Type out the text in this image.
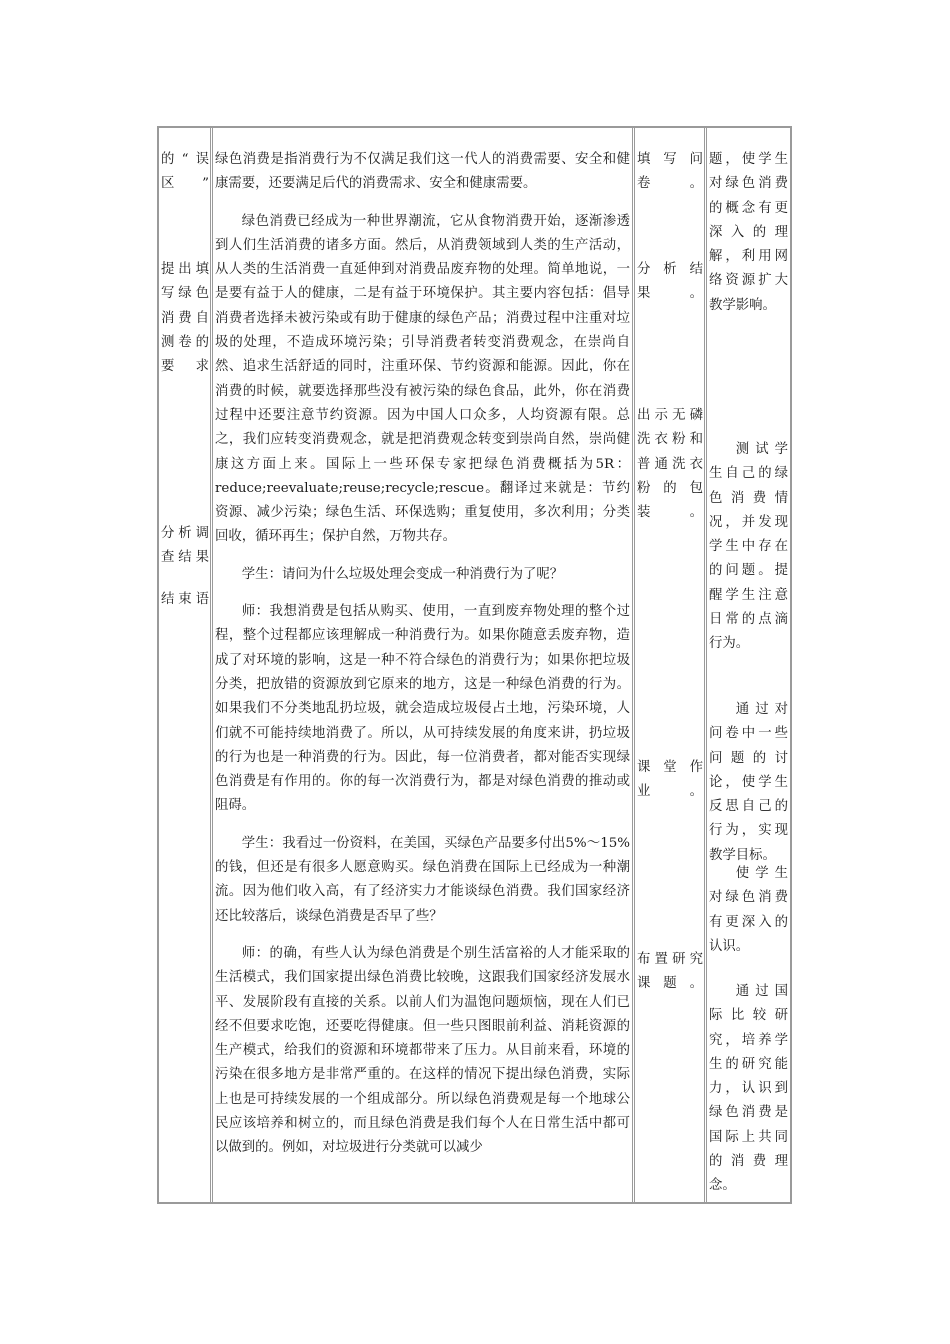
的“误区”
提出填写绿色消费自测卷的要求
分析调查结果
结束语

绿色消费是指消费行为不仅满足我们这一代人的消费需要、安全和健康需要，还要满足后代的消费需求、安全和健康需要。

绿色消费已经成为一种世界潮流，它从食物消费开始，逐渐渗透到人们生活消费的诸多方面。然后，从消费领域到人类的生产活动，从人类的生活消费一直延伸到对消费品废弃物的处理。简单地说，一是要有益于人的健康，二是有益于环境保护。其主要内容包括：倡导消费者选择未被污染或有助于健康的绿色产品；消费过程中注重对垃圾的处理，不造成环境污染；引导消费者转变消费观念，在崇尚自然、追求生活舒适的同时，注重环保、节约资源和能源。因此，你在消费的时候，就要选择那些没有被污染的绿色食品，此外，你在消费过程中还要注意节约资源。因为中国人口众多，人均资源有限。总之，我们应转变消费观念，就是把消费观念转变到崇尚自然，崇尚健康这方面上来。国际上一些环保专家把绿色消费概括为5R：reduce;reevaluate;reuse;recycle;rescue。翻译过来就是：节约资源、减少污染；绿色生活、环保选购；重复使用，多次利用；分类回收，循环再生；保护自然，万物共存。

学生：请问为什么垃圾处理会变成一种消费行为了呢？

师：我想消费是包括从购买、使用，一直到废弃物处理的整个过程，整个过程都应该理解成一种消费行为。如果你随意丢废弃物，造成了对环境的影响，这是一种不符合绿色的消费行为；如果你把垃圾分类，把放错的资源放到它原来的地方，这是一种绿色消费的行为。如果我们不分类地乱扔垃圾，就会造成垃圾侵占土地，污染环境，人们就不可能持续地消费了。所以，从可持续发展的角度来讲，扔垃圾的行为也是一种消费的行为。因此，每一位消费者，都对能否实现绿色消费是有作用的。你的每一次消费行为，都是对绿色消费的推动或阻碍。

学生：我看过一份资料，在美国，买绿色产品要多付出5%～15%的钱，但还是有很多人愿意购买。绿色消费在国际上已经成为一种潮流。因为他们收入高，有了经济实力才能谈绿色消费。我们国家经济还比较落后，谈绿色消费是否早了些？

师：的确，有些人认为绿色消费是个别生活富裕的人才能采取的生活模式，我们国家提出绿色消费比较晚，这跟我们国家经济发展水平、发展阶段有直接的关系。以前人们为温饱问题烦恼，现在人们已经不但要求吃饱，还要吃得健康。但一些只图眼前利益、消耗资源的生产模式，给我们的资源和环境都带来了压力。从目前来看，环境的污染在很多地方是非常严重的。在这样的情况下提出绿色消费，实际上也是可持续发展的一个组成部分。所以绿色消费观是每一个地球公民应该培养和树立的，而且绿色消费是我们每个人在日常生活中都可以做到的。例如，对垃圾进行分类就可以减少

填写问卷。
分析结果。
出示无磷洗衣粉和普通洗衣粉的包装。
课堂作业。
布置研究课题。

题，使学生对绿色消费的概念有更深入的理解，利用网络资源扩大教学影响。

测试学生自己的绿色消费情况，并发现学生中存在的问题。提醒学生注意日常的点滴行为。

通过对问卷中一些问题的讨论，使学生反思自己的行为，实现教学目标。

使学生对绿色消费有更深入的认识。

通过国际比较研究，培养学生的研究能力，认识到绿色消费是国际上共同的消费理念。
